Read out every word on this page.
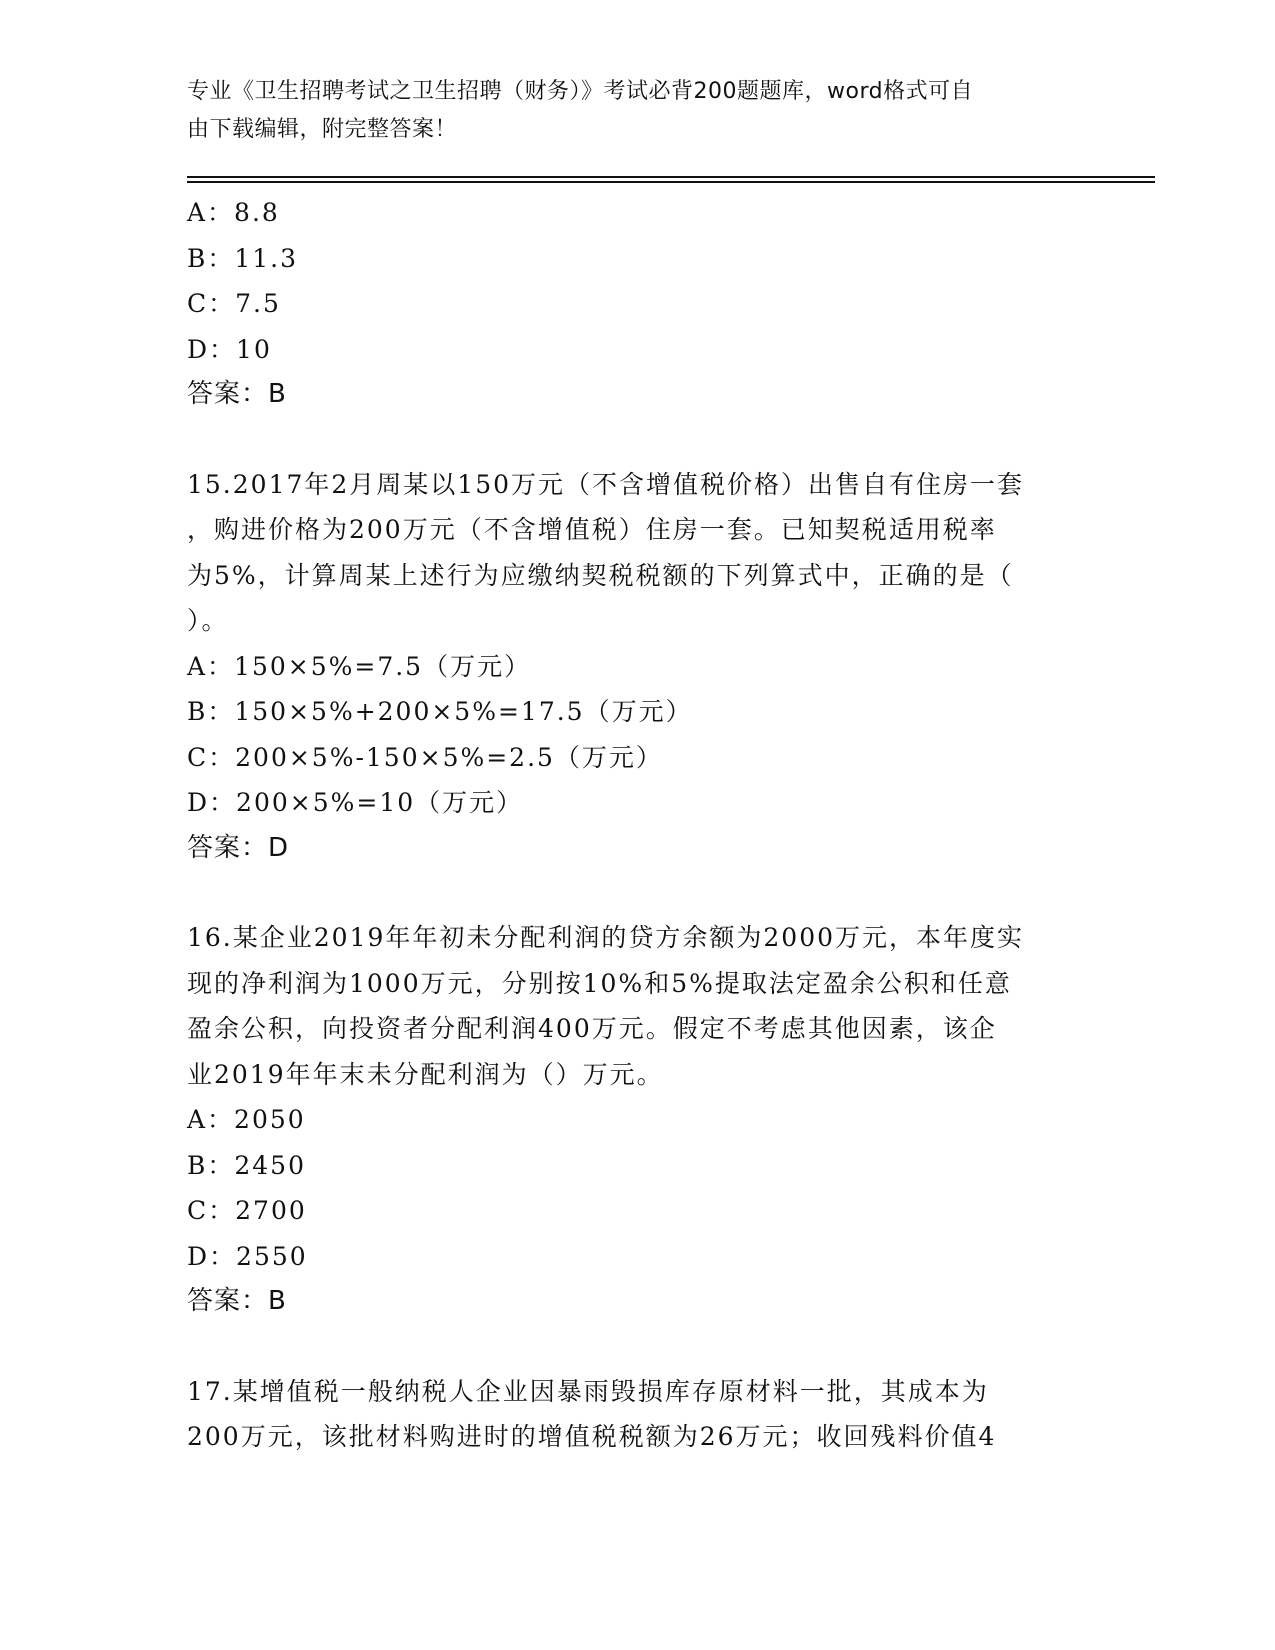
专业《卫生招聘考试之卫生招聘（财务）》考试必背200题题库，word格式可自
由下载编辑，附完整答案！
A：8.8
B：11.3
C：7.5
D：10
答案：B
15.2017年2月周某以150万元（不含增值税价格）出售自有住房一套
，购进价格为200万元（不含增值税）住房一套。已知契税适用税率
为5%，计算周某上述行为应缴纳契税税额的下列算式中，正确的是（
）。
A：150×5%=7.5（万元）
B：150×5%+200×5%=17.5（万元）
C：200×5%-150×5%=2.5（万元）
D：200×5%=10（万元）
答案：D
16.某企业2019年年初未分配利润的贷方余额为2000万元，本年度实
现的净利润为1000万元，分别按10%和5%提取法定盈余公积和任意
盈余公积，向投资者分配利润400万元。假定不考虑其他因素，该企
业2019年年末未分配利润为（）万元。
A：2050
B：2450
C：2700
D：2550
答案：B
17.某增值税一般纳税人企业因暴雨毁损库存原材料一批，其成本为
200万元，该批材料购进时的增值税税额为26万元；收回残料价值4
